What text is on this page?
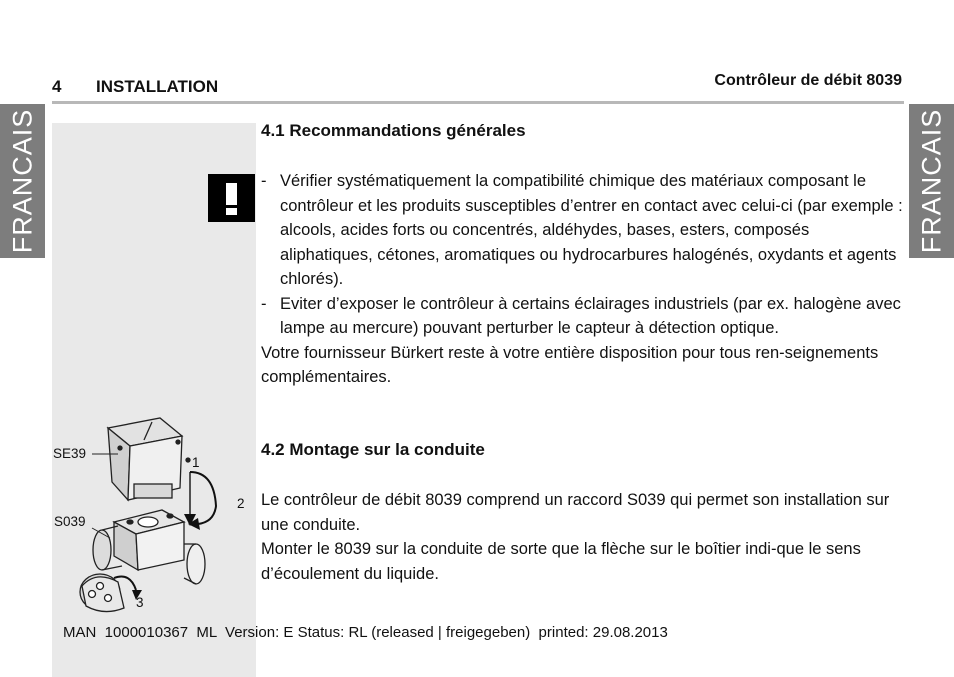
4 INSTALLATION	Contrôleur de débit 8039
FRANCAIS	FRANCAIS
4.1 Recommandations générales
- Vérifier systématiquement la compatibilité chimique des matériaux composant le contrôleur et les produits susceptibles d’entrer en contact avec celui-ci (par exemple : alcools, acides forts ou concentrés, aldéhydes, bases, esters, composés aliphatiques, cétones, aromatiques ou hydrocarbures halogénés, oxydants et agents chlorés).
- Eviter d’exposer le contrôleur à certains éclairages industriels (par ex. halogène avec lampe au mercure) pouvant perturber le capteur à détection optique.

Votre fournisseur Bürkert reste à votre entière disposition pour tous ren-seignements complémentaires.

4.2 Montage sur la conduite

Le contrôleur de débit 8039 comprend un raccord S039 qui permet son installation sur une conduite.

Monter le 8039 sur la conduite de sorte que la flèche sur le boîtier indi-que le sens d’écoulement du liquide.

SE39
S039
1
2
3
MAN  1000010367  ML  Version: E Status: RL (released | freigegeben)  printed: 29.08.2013
